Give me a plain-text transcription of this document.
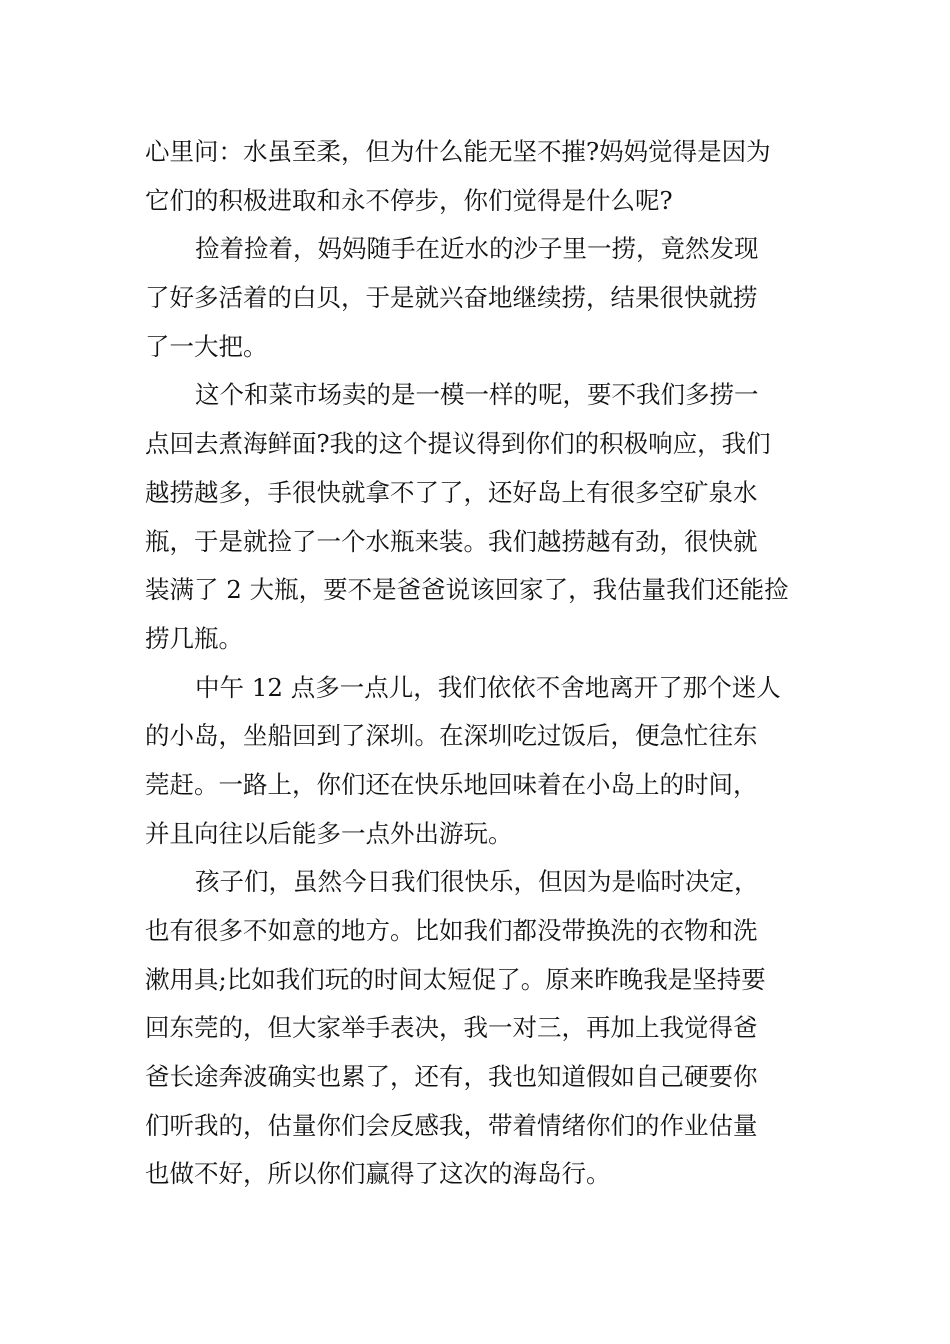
心里问：水虽至柔，但为什么能无坚不摧?妈妈觉得是因为
它们的积极进取和永不停步，你们觉得是什么呢?
捡着捡着，妈妈随手在近水的沙子里一捞，竟然发现
了好多活着的白贝，于是就兴奋地继续捞，结果很快就捞
了一大把。
这个和菜市场卖的是一模一样的呢，要不我们多捞一
点回去煮海鲜面?我的这个提议得到你们的积极响应，我们
越捞越多，手很快就拿不了了，还好岛上有很多空矿泉水
瓶，于是就捡了一个水瓶来装。我们越捞越有劲，很快就
装满了 2 大瓶，要不是爸爸说该回家了，我估量我们还能捡
捞几瓶。
中午 12 点多一点儿，我们依依不舍地离开了那个迷人
的小岛，坐船回到了深圳。在深圳吃过饭后，便急忙往东
莞赶。一路上，你们还在快乐地回味着在小岛上的时间，
并且向往以后能多一点外出游玩。
孩子们，虽然今日我们很快乐，但因为是临时决定，
也有很多不如意的地方。比如我们都没带换洗的衣物和洗
漱用具;比如我们玩的时间太短促了。原来昨晚我是坚持要
回东莞的，但大家举手表决，我一对三，再加上我觉得爸
爸长途奔波确实也累了，还有，我也知道假如自己硬要你
们听我的，估量你们会反感我，带着情绪你们的作业估量
也做不好，所以你们赢得了这次的海岛行。
